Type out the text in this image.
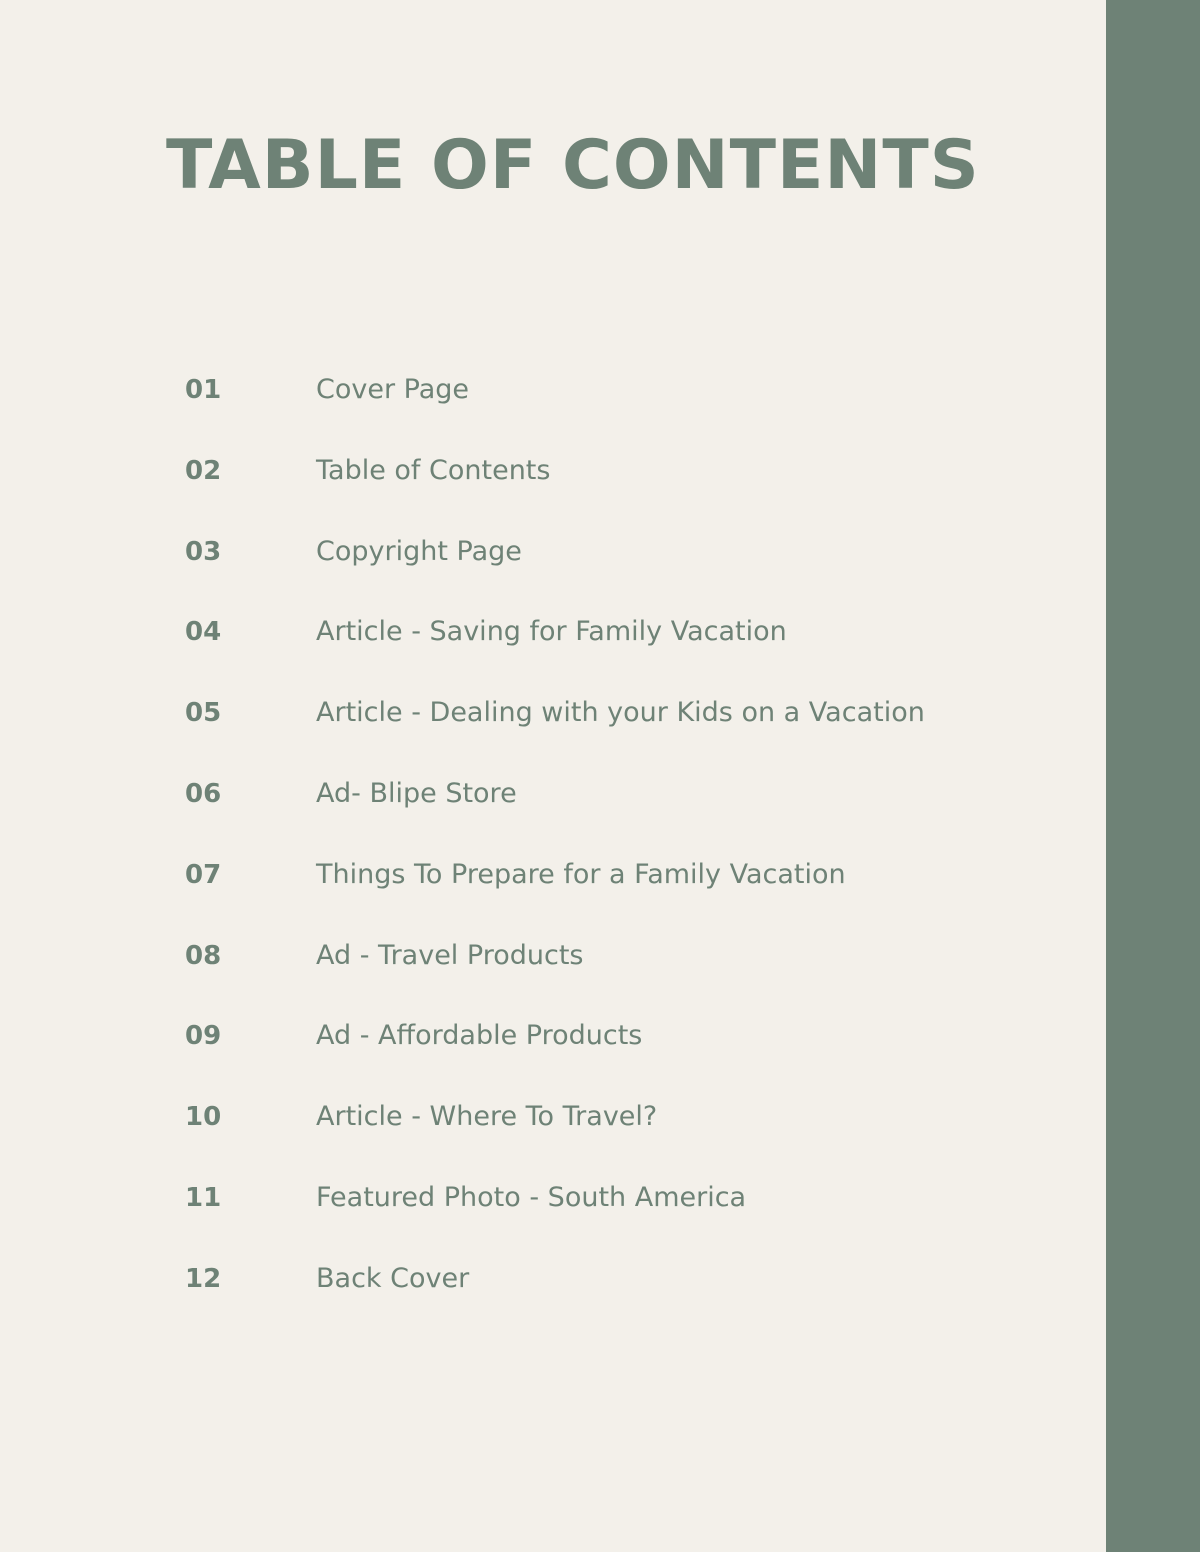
TABLE OF CONTENTS
01	Cover Page
02	Table of Contents
03	Copyright Page
04	Article - Saving for Family Vacation
05	Article - Dealing with your Kids on a Vacation
06	Ad- Blipe Store
07	Things To Prepare for a Family Vacation
08	Ad - Travel Products
09	Ad - Affordable Products
10	Article - Where To Travel?
11	Featured Photo - South America
12	Back Cover
